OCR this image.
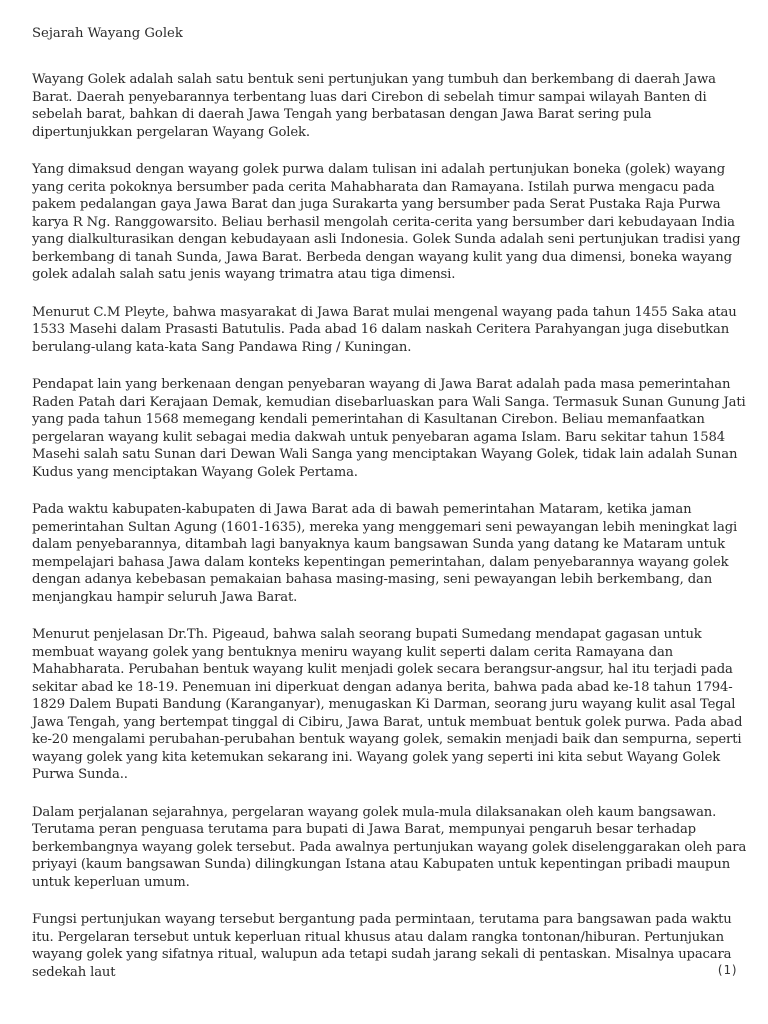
Sejarah Wayang Golek

Wayang Golek adalah salah satu bentuk seni pertunjukan yang tumbuh dan berkembang di daerah Jawa Barat. Daerah penyebarannya terbentang luas dari Cirebon di sebelah timur sampai wilayah Banten di sebelah barat, bahkan di daerah Jawa Tengah yang berbatasan dengan Jawa Barat sering pula dipertunjukkan pergelaran Wayang Golek.

Yang dimaksud dengan wayang golek purwa dalam tulisan ini adalah pertunjukan boneka (golek) wayang yang cerita pokoknya bersumber pada cerita Mahabharata dan Ramayana. Istilah purwa mengacu pada pakem pedalangan gaya Jawa Barat dan juga Surakarta yang bersumber pada Serat Pustaka Raja Purwa karya R Ng. Ranggowarsito. Beliau berhasil mengolah cerita-cerita yang bersumber dari kebudayaan India yang dialkulturasikan dengan kebudayaan asli Indonesia. Golek Sunda adalah seni pertunjukan tradisi yang berkembang di tanah Sunda, Jawa Barat. Berbeda dengan wayang kulit yang dua dimensi, boneka wayang golek adalah salah satu jenis wayang trimatra atau tiga dimensi.

Menurut C.M Pleyte, bahwa masyarakat di Jawa Barat mulai mengenal wayang pada tahun 1455 Saka atau 1533 Masehi dalam Prasasti Batutulis. Pada abad 16 dalam naskah Ceritera Parahyangan juga disebutkan berulang-ulang kata-kata Sang Pandawa Ring / Kuningan.

Pendapat lain yang berkenaan dengan penyebaran wayang di Jawa Barat adalah pada masa pemerintahan Raden Patah dari Kerajaan Demak, kemudian disebarluaskan para Wali Sanga. Termasuk Sunan Gunung Jati yang pada tahun 1568 memegang kendali pemerintahan di Kasultanan Cirebon. Beliau memanfaatkan pergelaran wayang kulit sebagai media dakwah untuk penyebaran agama Islam. Baru sekitar tahun 1584 Masehi salah satu Sunan dari Dewan Wali Sanga yang menciptakan Wayang Golek, tidak lain adalah Sunan Kudus yang menciptakan Wayang Golek Pertama.

Pada waktu kabupaten-kabupaten di Jawa Barat ada di bawah pemerintahan Mataram, ketika jaman pemerintahan Sultan Agung (1601-1635), mereka yang menggemari seni pewayangan lebih meningkat lagi dalam penyebarannya, ditambah lagi banyaknya kaum bangsawan Sunda yang datang ke Mataram untuk mempelajari bahasa Jawa dalam konteks kepentingan pemerintahan, dalam penyebarannya wayang golek dengan adanya kebebasan pemakaian bahasa masing-masing, seni pewayangan lebih berkembang, dan menjangkau hampir seluruh Jawa Barat.

Menurut penjelasan Dr.Th. Pigeaud, bahwa salah seorang bupati Sumedang mendapat gagasan untuk membuat wayang golek yang bentuknya meniru wayang kulit seperti dalam cerita Ramayana dan Mahabharata. Perubahan bentuk wayang kulit menjadi golek secara berangsur-angsur, hal itu terjadi pada sekitar abad ke 18-19. Penemuan ini diperkuat dengan adanya berita, bahwa pada abad ke-18 tahun 1794-1829 Dalem Bupati Bandung (Karanganyar), menugaskan Ki Darman, seorang juru wayang kulit asal Tegal Jawa Tengah, yang bertempat tinggal di Cibiru, Jawa Barat, untuk membuat bentuk golek purwa. Pada abad ke-20 mengalami perubahan-perubahan bentuk wayang golek, semakin menjadi baik dan sempurna, seperti wayang golek yang kita ketemukan sekarang ini. Wayang golek yang seperti ini kita sebut Wayang Golek Purwa Sunda..

Dalam perjalanan sejarahnya, pergelaran wayang golek mula-mula dilaksanakan oleh kaum bangsawan. Terutama peran penguasa terutama para bupati di Jawa Barat, mempunyai pengaruh besar terhadap berkembangnya wayang golek tersebut. Pada awalnya pertunjukan wayang golek diselenggarakan oleh para priyayi (kaum bangsawan Sunda) dilingkungan Istana atau Kabupaten untuk kepentingan pribadi maupun untuk keperluan umum.

Fungsi pertunjukan wayang tersebut bergantung pada permintaan, terutama para bangsawan pada waktu itu. Pergelaran tersebut untuk keperluan ritual khusus atau dalam rangka tontonan/hiburan. Pertunjukan wayang golek yang sifatnya ritual, walupun ada tetapi sudah jarang sekali di pentaskan. Misalnya upacara sedekah laut	(1)
